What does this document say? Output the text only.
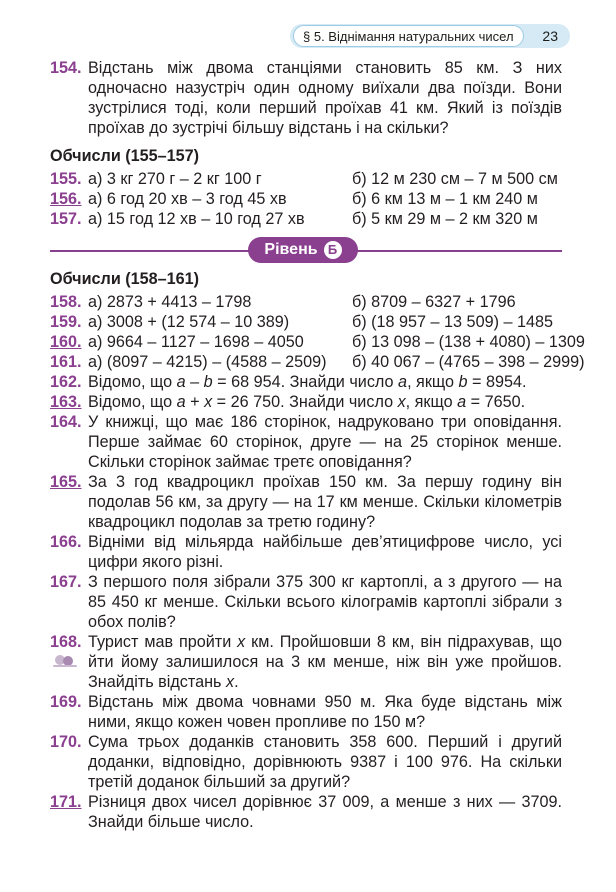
§ 5. Віднімання натуральних чисел	23
154. Відстань між двома станціями становить 85 км. З них одночасно назустріч один одному виїхали два поїзди. Вони зустрілися тоді, коли перший проїхав 41 км. Який із поїздів проїхав до зустрічі більшу відстань і на скільки?
Обчисли (155–157)
155. а) 3 кг 270 г – 2 кг 100 г	б) 12 м 230 см – 7 м 500 см
156. а) 6 год 20 хв – 3 год 45 хв	б) 6 км 13 м – 1 км 240 м
157. а) 15 год 12 хв – 10 год 27 хв	б) 5 км 29 м – 2 км 320 м
Рівень Б
Обчисли (158–161)
158. а) 2873 + 4413 – 1798	б) 8709 – 6327 + 1796
159. а) 3008 + (12 574 – 10 389)	б) (18 957 – 13 509) – 1485
160. а) 9664 – 1127 – 1698 – 4050	б) 13 098 – (138 + 4080) – 1309
161. а) (8097 – 4215) – (4588 – 2509)	б) 40 067 – (4765 – 398 – 2999)
162. Відомо, що a – b = 68 954. Знайди число a, якщо b = 8954.
163. Відомо, що a + x = 26 750. Знайди число x, якщо a = 7650.
164. У книжці, що має 186 сторінок, надруковано три оповідання. Перше займає 60 сторінок, друге — на 25 сторінок менше. Скільки сторінок займає третє оповідання?
165. За 3 год квадроцикл проїхав 150 км. За першу годину він подолав 56 км, за другу — на 17 км менше. Скільки кілометрів квадроцикл подолав за третю годину?
166. Відніми від мільярда найбільше дев’ятицифрове число, усі цифри якого різні.
167. З першого поля зібрали 375 300 кг картоплі, а з другого — на 85 450 кг менше. Скільки всього кілограмів картоплі зібрали з обох полів?
168. Турист мав пройти x км. Пройшовши 8 км, він підрахував, що йти йому залишилося на 3 км менше, ніж він уже пройшов. Знайдіть відстань x.
169. Відстань між двома човнами 950 м. Яка буде відстань між ними, якщо кожен човен пропливе по 150 м?
170. Сума трьох доданків становить 358 600. Перший і другий доданки, відповідно, дорівнюють 9387 і 100 976. На скільки третій доданок більший за другий?
171. Різниця двох чисел дорівнює 37 009, а менше з них — 3709. Знайди більше число.
